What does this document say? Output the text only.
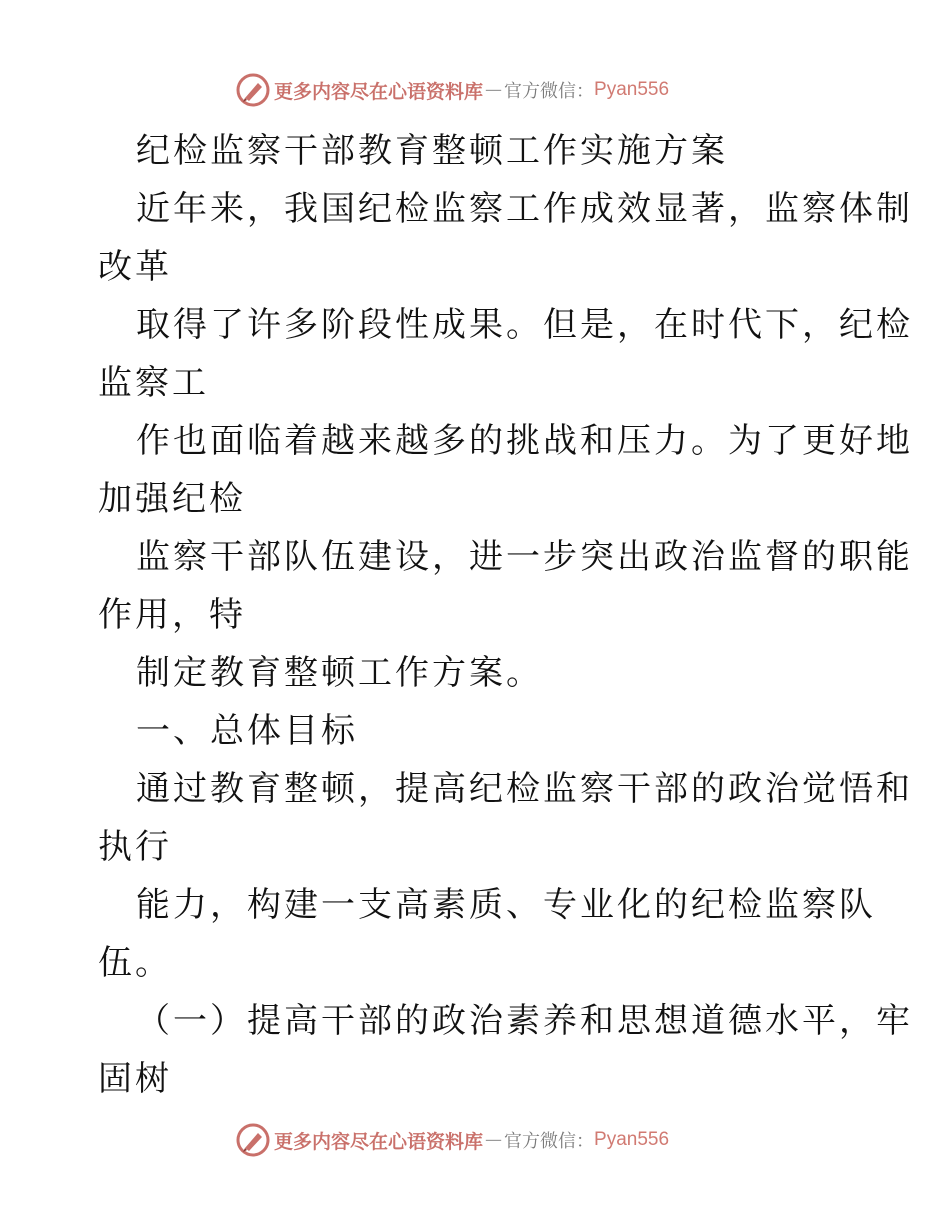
更多内容尽在心语资料库 — 官方微信： Pyan556
纪检监察干部教育整顿工作实施方案
近年来，我国纪检监察工作成效显著，监察体制
改革
取得了许多阶段性成果。但是，在时代下，纪检
监察工
作也面临着越来越多的挑战和压力。为了更好地
加强纪检
监察干部队伍建设，进一步突出政治监督的职能
作用，特
制定教育整顿工作方案。
一、总体目标
通过教育整顿，提高纪检监察干部的政治觉悟和
执行
能力，构建一支高素质、专业化的纪检监察队
伍。
（一）提高干部的政治素养和思想道德水平，牢
固树
更多内容尽在心语资料库 — 官方微信： Pyan556
